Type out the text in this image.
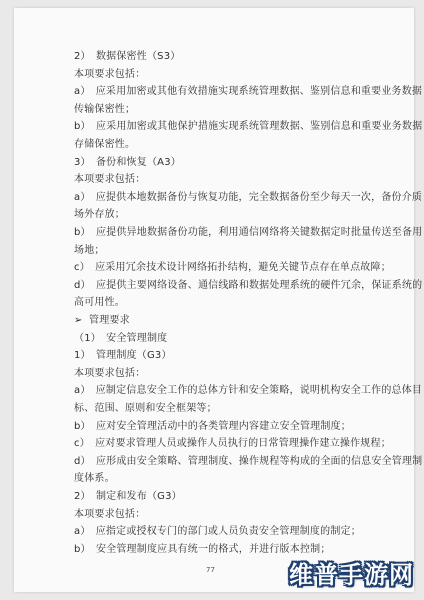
2）　数据保密性（S3）
本项要求包括：
a）　应采用加密或其他有效措施实现系统管理数据、鉴别信息和重要业务数据
传输保密性；
b）　应采用加密或其他保护措施实现系统管理数据、鉴别信息和重要业务数据
存储保密性。
3）　备份和恢复（A3）
本项要求包括：
a）　应提供本地数据备份与恢复功能，完全数据备份至少每天一次，备份介质
场外存放；
b）　应提供异地数据备份功能，利用通信网络将关键数据定时批量传送至备用
场地；
c）　应采用冗余技术设计网络拓扑结构，避免关键节点存在单点故障；
d）　应提供主要网络设备、通信线路和数据处理系统的硬件冗余，保证系统的
高可用性。
➢ 管理要求
（1）　安全管理制度
1）　管理制度（G3）
本项要求包括：
a）　应制定信息安全工作的总体方针和安全策略，说明机构安全工作的总体目
标、范围、原则和安全框架等；
b）　应对安全管理活动中的各类管理内容建立安全管理制度；
c）　应对要求管理人员或操作人员执行的日常管理操作建立操作规程；
d）　应形成由安全策略、管理制度、操作规程等构成的全面的信息安全管理制
度体系。
2）　制定和发布（G3）
本项要求包括：
a）　应指定或授权专门的部门或人员负责安全管理制度的制定；
b）　安全管理制度应具有统一的格式，并进行版本控制；
77	维普手游网
